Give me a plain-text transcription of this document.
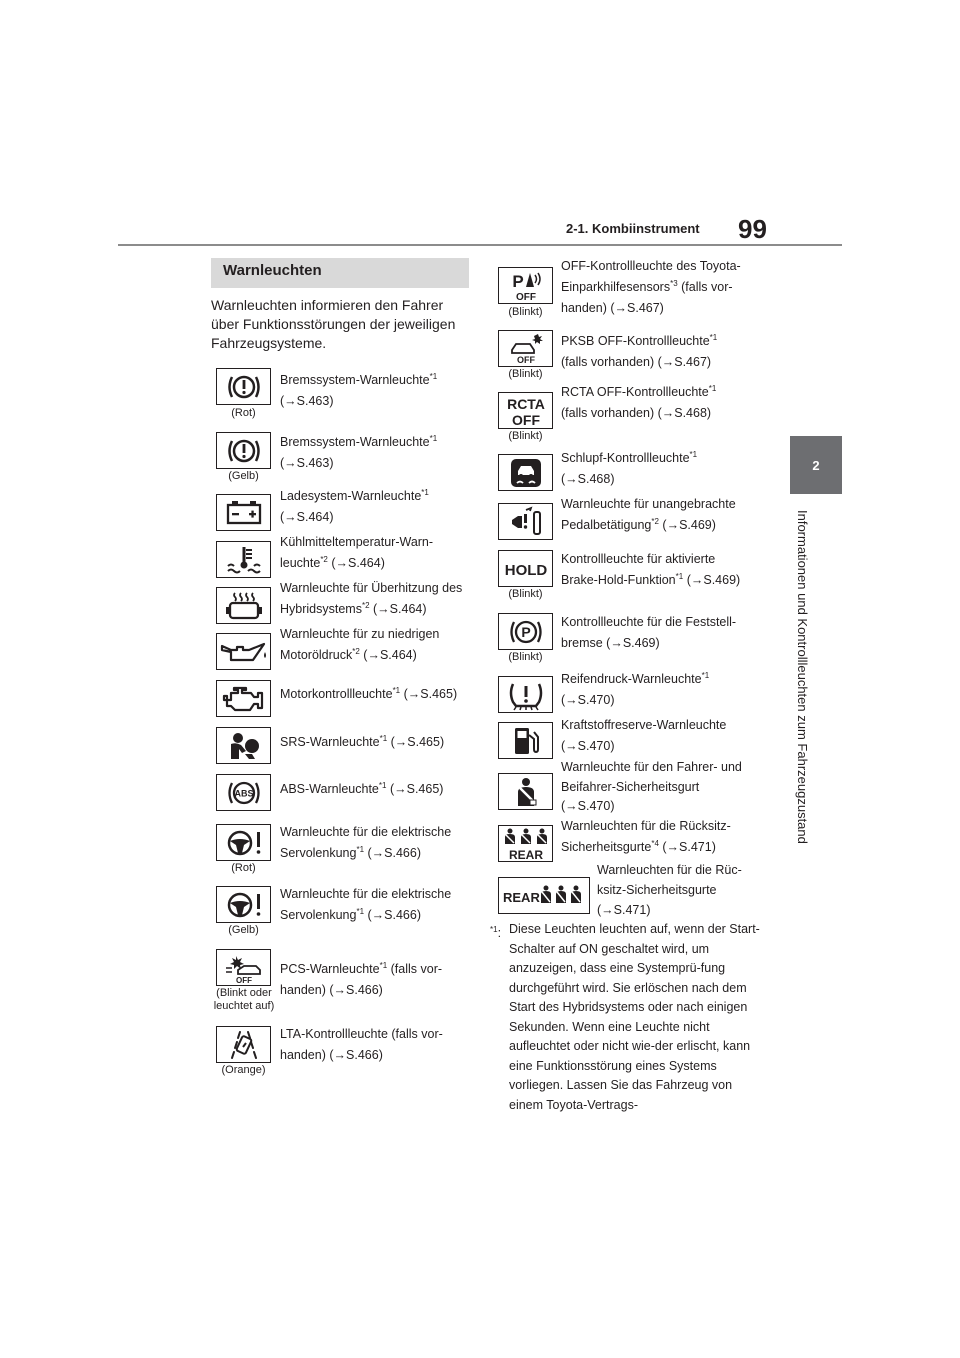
99
2-1. Kombiinstrument
2
Informationen und Kontrollleuchten zum Fahrzeugzustand
Warnleuchten
Warnleuchten informieren den Fahrer über Funktionsstörungen der jeweiligen Fahrzeugsysteme.
(Rot)
Bremssystem-Warnleuchte$^{*1}$
(→S.463)
(Gelb)
Bremssystem-Warnleuchte$^{*1}$
(→S.463)
Ladesystem-Warnleuchte$^{*1}$
(→S.464)
Kühlmitteltemperatur-Warn-leuchte$^{*2}$ (→S.464)
Warnleuchte für Überhitzung des Hybridsystems$^{*2}$ (→S.464)
Warnleuchte für zu niedrigen Motoröldruck$^{*2}$ (→S.464)
Motorkontrollleuchte$^{*1}$ (→S.465)
SRS-Warnleuchte$^{*1}$ (→S.465)
ABS ABS-Warnleuchte$^{*1}$ (→S.465)
(Rot)
Warnleuchte für die elektrische Servolenkung$^{*1}$ (→S.466)
(Gelb)
Warnleuchte für die elektrische Servolenkung$^{*1}$ (→S.466)
OFF
(Blinkt oder leuchtet auf)
PCS-Warnleuchte$^{*1}$ (falls vor-handen) (→S.466)
(Orange)
LTA-Kontrollleuchte (falls vor-handen) (→S.466)
P
OFF
(Blinkt)
OFF-Kontrollleuchte des Toyota-Einparkhilfesensors$^{*3}$ (falls vor-handen) (→S.467)
OFF
(Blinkt)
PKSB OFF-Kontrollleuchte$^{*1}$
(falls vorhanden) (→S.467)
RCTA
OFF
(Blinkt)
RCTA OFF-Kontrollleuchte$^{*1}$
(falls vorhanden) (→S.468)
Schlupf-Kontrollleuchte$^{*1}$
(→S.468)
Warnleuchte für unangebrachte Pedalbetätigung$^{*2}$ (→S.469)
HOLD
(Blinkt)
Kontrollleuchte für aktivierte Brake-Hold-Funktion$^{*1}$ (→S.469)
P
(Blinkt)
Kontrollleuchte für die Feststell-bremse (→S.469)
Reifendruck-Warnleuchte$^{*1}$
(→S.470)
Kraftstoffreserve-Warnleuchte
(→S.470)
Warnleuchte für den Fahrer- und Beifahrer-Sicherheitsgurt
(→S.470)
REAR
Warnleuchten für die Rücksitz-Sicherheitsgurte$^{*4}$ (→S.471)
REAR
Warnleuchten für die Rüc-ksitz-Sicherheitsgurte
(→S.471)
$^{*1}$: Diese Leuchten leuchten auf, wenn der Start-Schalter auf ON geschaltet wird, um anzuzeigen, dass eine Systemprü-fung durchgeführt wird. Sie erlöschen nach dem Start des Hybridsystems oder nach einigen Sekunden. Wenn eine Leuchte nicht aufleuchtet oder nicht wie-der erlischt, kann eine Funktionsstörung eines Systems vorliegen. Lassen Sie das Fahrzeug von einem Toyota-Vertrags-
